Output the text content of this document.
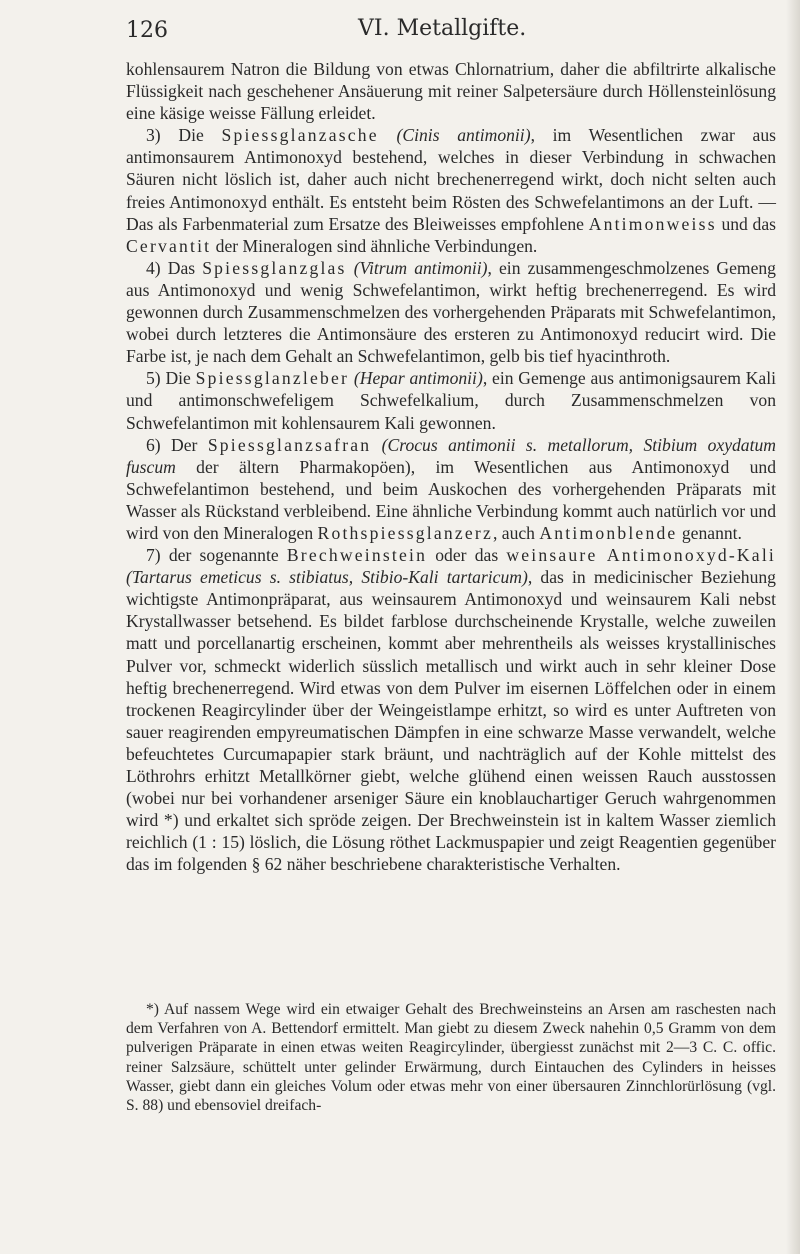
126	VI. Metallgifte.

kohlensaurem Natron die Bildung von etwas Chlornatrium, daher die abfiltrirte alkalische Flüssigkeit nach geschehener Ansäuerung mit reiner Salpetersäure durch Höllensteinlösung eine käsige weisse Fällung erleidet.

3) Die Spiessglanzasche (Cinis antimonii), im Wesentlichen zwar aus antimonsaurem Antimonoxyd bestehend, welches in dieser Verbindung in schwachen Säuren nicht löslich ist, daher auch nicht brechenerregend wirkt, doch nicht selten auch freies Antimonoxyd enthält. Es entsteht beim Rösten des Schwefelantimons an der Luft. — Das als Farbenmaterial zum Ersatze des Bleiweisses empfohlene Antimonweiss und das Cervantit der Mineralogen sind ähnliche Verbindungen.

4) Das Spiessglanzglas (Vitrum antimonii), ein zusammengeschmolzenes Gemeng aus Antimonoxyd und wenig Schwefelantimon, wirkt heftig brechenerregend. Es wird gewonnen durch Zusammenschmelzen des vorhergehenden Präparats mit Schwefelantimon, wobei durch letzteres die Antimonsäure des ersteren zu Antimonoxyd reducirt wird. Die Farbe ist, je nach dem Gehalt an Schwefelantimon, gelb bis tief hyacinthroth.

5) Die Spiessglanzleber (Hepar antimonii), ein Gemenge aus antimonigsaurem Kali und antimonschwefeligem Schwefelkalium, durch Zusammenschmelzen von Schwefelantimon mit kohlensaurem Kali gewonnen.

6) Der Spiessglanzsafran (Crocus antimonii s. metallorum, Stibium oxydatum fuscum der ältern Pharmakopöen), im Wesentlichen aus Antimonoxyd und Schwefelantimon bestehend, und beim Auskochen des vorhergehenden Präparats mit Wasser als Rückstand verbleibend. Eine ähnliche Verbindung kommt auch natürlich vor und wird von den Mineralogen Rothspiessglanzerz, auch Antimonblende genannt.

7) der sogenannte Brechweinstein oder das weinsaure Antimonoxyd-Kali (Tartarus emeticus s. stibiatus, Stibio-Kali tartaricum), das in medicinischer Beziehung wichtigste Antimonpräparat, aus weinsaurem Antimonoxyd und weinsaurem Kali nebst Krystallwasser betsehend. Es bildet farblose durchscheinende Krystalle, welche zuweilen matt und porcellanartig erscheinen, kommt aber mehrentheils als weisses krystallinisches Pulver vor, schmeckt widerlich süsslich metallisch und wirkt auch in sehr kleiner Dose heftig brechenerregend. Wird etwas von dem Pulver im eisernen Löffelchen oder in einem trockenen Reagircylinder über der Weingeistlampe erhitzt, so wird es unter Auftreten von sauer reagirenden empyreumatischen Dämpfen in eine schwarze Masse verwandelt, welche befeuchtetes Curcumapapier stark bräunt, und nachträglich auf der Kohle mittelst des Löthrohrs erhitzt Metallkörner giebt, welche glühend einen weissen Rauch ausstossen (wobei nur bei vorhandener arseniger Säure ein knoblauchartiger Geruch wahrgenommen wird *) und erkaltet sich spröde zeigen. Der Brechweinstein ist in kaltem Wasser ziemlich reichlich (1 : 15) löslich, die Lösung röthet Lackmuspapier und zeigt Reagentien gegenüber das im folgenden § 62 näher beschriebene charakteristische Verhalten.

*) Auf nassem Wege wird ein etwaiger Gehalt des Brechweinsteins an Arsen am raschesten nach dem Verfahren von A. Bettendorf ermittelt. Man giebt zu diesem Zweck nahehin 0,5 Gramm von dem pulverigen Präparate in einen etwas weiten Reagircylinder, übergiesst zunächst mit 2—3 C. C. offic. reiner Salzsäure, schüttelt unter gelinder Erwärmung, durch Eintauchen des Cylinders in heisses Wasser, giebt dann ein gleiches Volum oder etwas mehr von einer übersauren Zinnchlorürlösung (vgl. S. 88) und ebensoviel dreifach-
